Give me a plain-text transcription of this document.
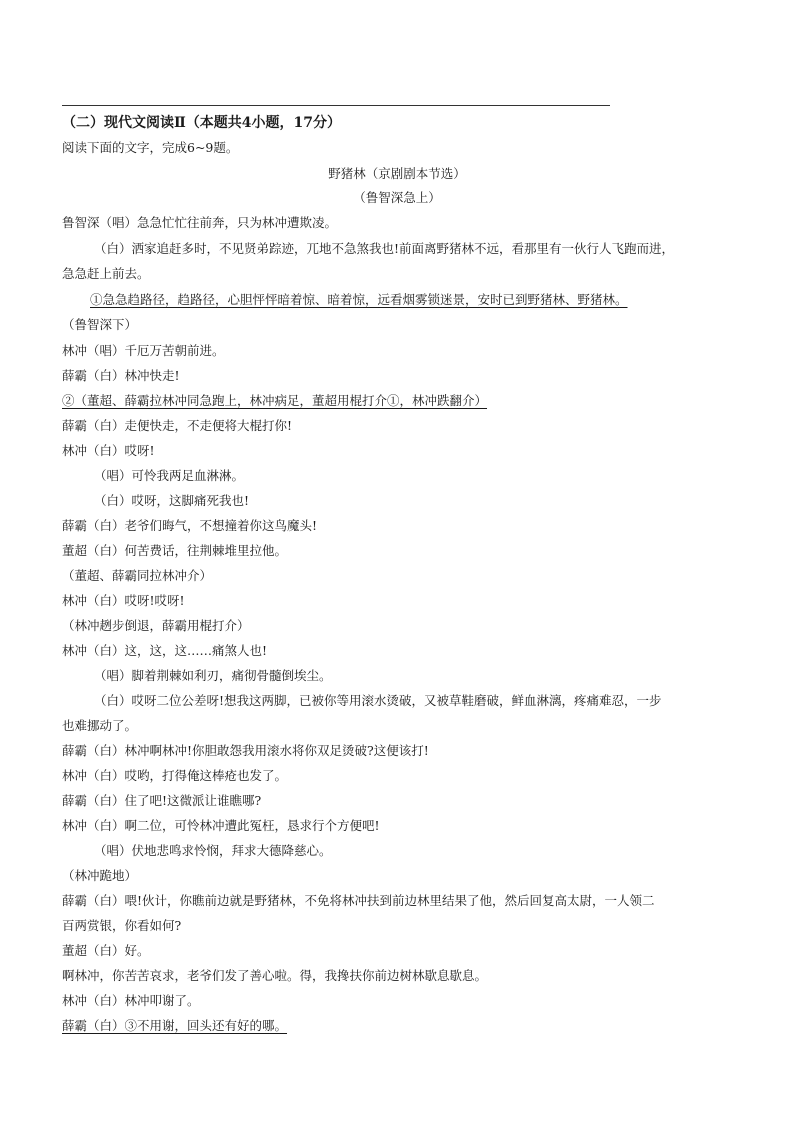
（二）现代文阅读Ⅱ（本题共4小题，17分）
阅读下面的文字，完成6~9题。
野猪林（京剧剧本节选）
（鲁智深急上）
鲁智深（唱）急急忙忙往前奔，只为林冲遭欺凌。
（白）洒家追赶多时，不见贤弟踪迹，兀地不急煞我也!前面离野猪林不远，看那里有一伙行人飞跑而进，
急急赶上前去。
①急急趋路径，趋路径，心胆怦怦暗着惊、暗着惊，远看烟雾锁迷景，安时已到野猪林、野猪林。
（鲁智深下）
林冲（唱）千厄万苦朝前进。
薛霸（白）林冲快走!
②（董超、薛霸拉林冲同急跑上，林冲病足，董超用棍打介①，林冲跌翻介）
薛霸（白）走便快走，不走便将大棍打你!
林冲（白）哎呀!
（唱）可怜我两足血淋淋。
（白）哎呀，这脚痛死我也!
薛霸（白）老爷们晦气，不想撞着你这鸟魔头!
董超（白）何苦费话，往荆棘堆里拉他。
（董超、薛霸同拉林冲介）
林冲（白）哎呀!哎呀!
（林冲趔步倒退，薛霸用棍打介）
林冲（白）这，这，这……痛煞人也!
（唱）脚着荆棘如利刃，痛彻骨髓倒埃尘。
（白）哎呀二位公差呀!想我这两脚，已被你等用滚水烫破，又被草鞋磨破，鲜血淋漓，疼痛难忍，一步
也难挪动了。
薛霸（白）林冲啊林冲!你胆敢怨我用滚水将你双足烫破?这便该打!
林冲（白）哎哟，打得俺这棒疮也发了。
薛霸（白）住了吧!这微派让谁瞧哪?
林冲（白）啊二位，可怜林冲遭此冤枉，恳求行个方便吧!
（唱）伏地悲鸣求怜悯，拜求大德降慈心。
（林冲跪地）
薛霸（白）喂!伙计，你瞧前边就是野猪林，不免将林冲扶到前边林里结果了他，然后回复高太尉，一人领二
百两赏银，你看如何?
董超（白）好。
啊林冲，你苦苦哀求，老爷们发了善心啦。得，我搀扶你前边树林歇息歇息。
林冲（白）林冲叩谢了。
薛霸（白）③不用谢，回头还有好的哪。
